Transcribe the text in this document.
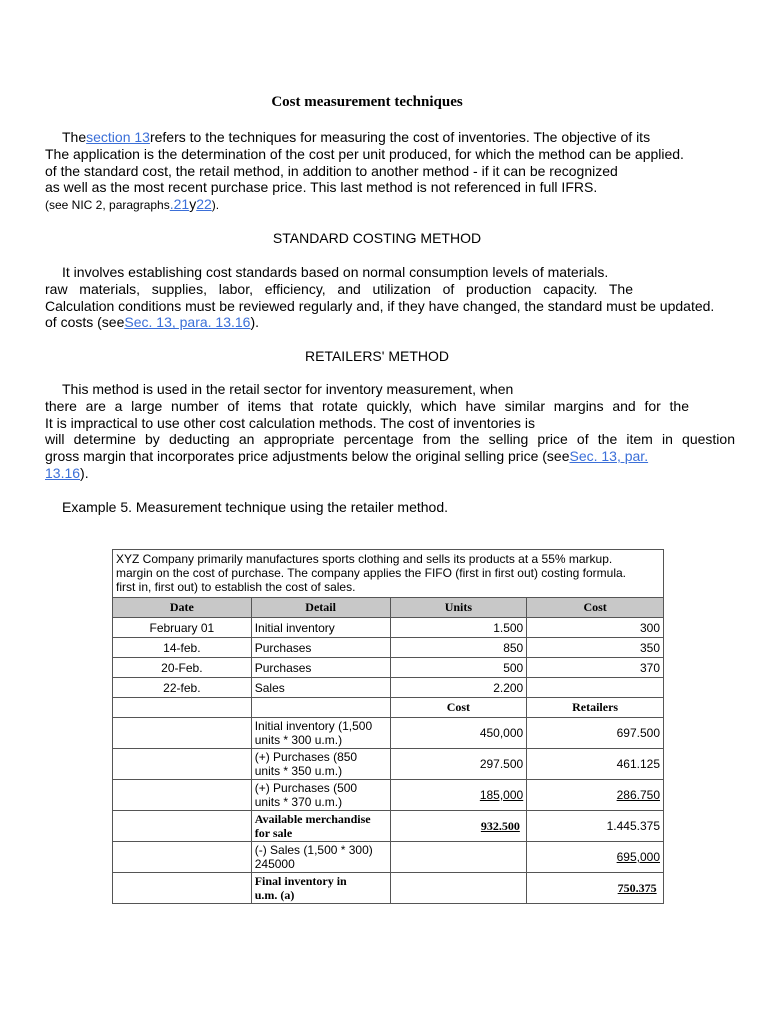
Cost measurement techniques
Thesection 13refers to the techniques for measuring the cost of inventories. The objective of its
The application is the determination of the cost per unit produced, for which the method can be applied.
of the standard cost, the retail method, in addition to another method - if it can be recognized
as well as the most recent purchase price. This last method is not referenced in full IFRS.
(see NIC 2, paragraphs.21y22).
STANDARD COSTING METHOD
It involves establishing cost standards based on normal consumption levels of materials.
raw materials, supplies, labor, efficiency, and utilization of production capacity. The
Calculation conditions must be reviewed regularly and, if they have changed, the standard must be updated.
of costs (seeSec. 13, para. 13.16).
RETAILERS' METHOD
This method is used in the retail sector for inventory measurement, when
there are a large number of items that rotate quickly, which have similar margins and for the
It is impractical to use other cost calculation methods. The cost of inventories is
will determine by deducting an appropriate percentage from the selling price of the item in question
gross margin that incorporates price adjustments below the original selling price (seeSec. 13, par.
13.16).
Example 5. Measurement technique using the retailer method.
XYZ Company primarily manufactures sports clothing and sells its products at a 55% markup.
margin on the cost of purchase. The company applies the FIFO (first in first out) costing formula.
first in, first out) to establish the cost of sales.			

Date	Detail	Units	Cost
February 01	Initial inventory	1.500	300
14-feb.	Purchases	850	350
20-Feb.	Purchases	500	370
22-feb.	Sales	2.200	
		Cost	Retailers

	Initial inventory (1,500
units * 300 u.m.)	450,000	697.500

	(+) Purchases (850
units * 350 u.m.)	297.500	461.125

	(+) Purchases (500
units * 370 u.m.)	185,000	286.750

	Available merchandise
for sale	932.500	1.445.375

	(-) Sales (1,500 * 300)
245000		695,000

	Final inventory in
u.m. (a)		750.375
